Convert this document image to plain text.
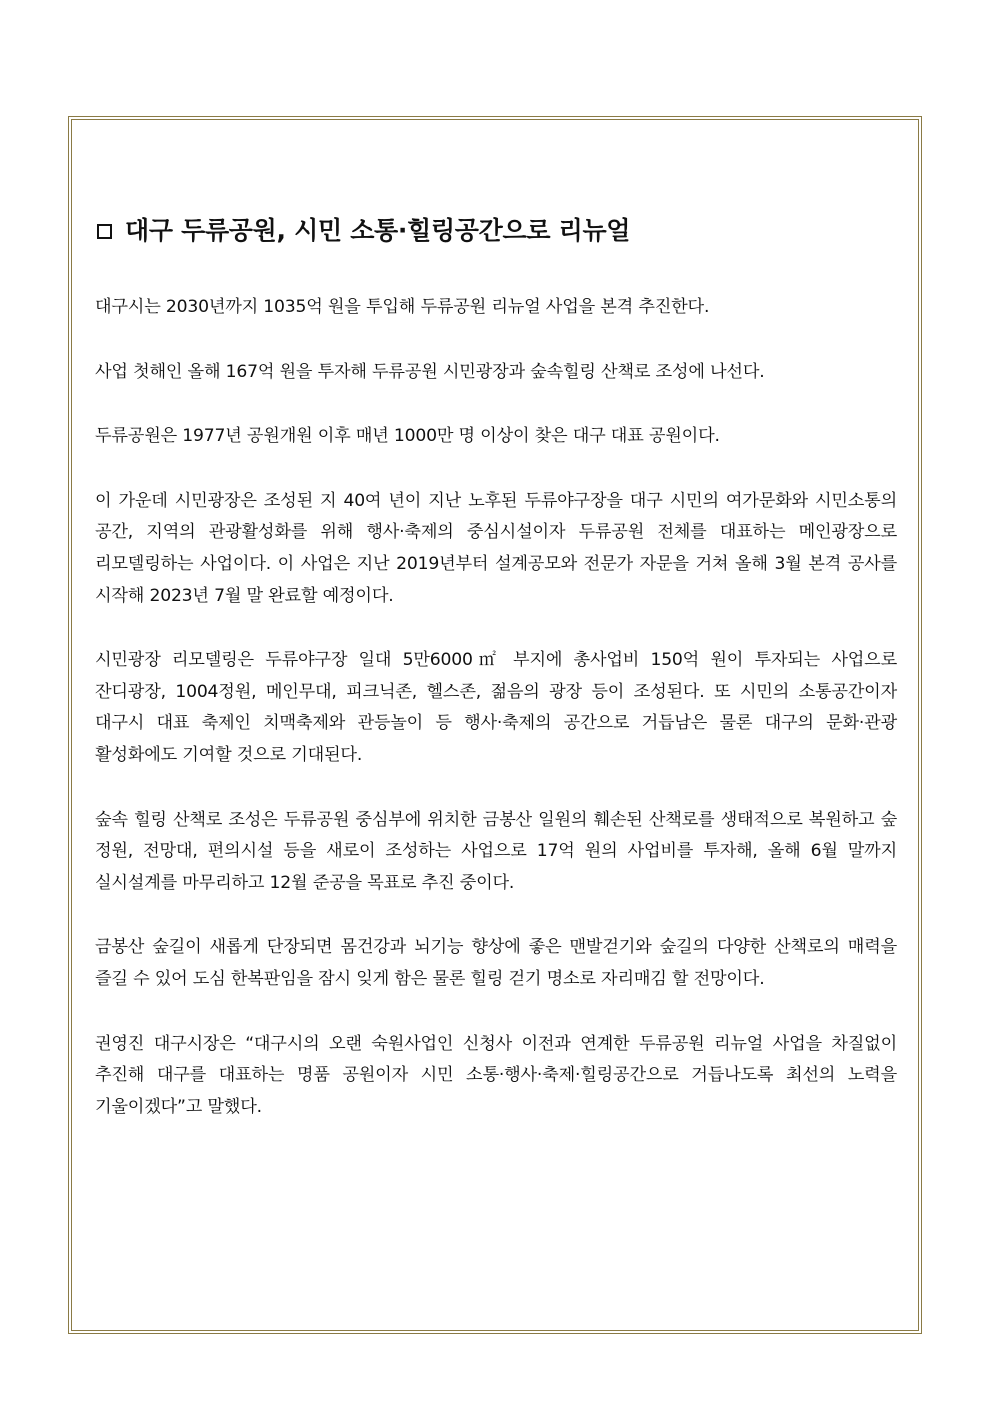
대구 두류공원, 시민 소통·힐링공간으로 리뉴얼

대구시는 2030년까지 1035억 원을 투입해 두류공원 리뉴얼 사업을 본격 추진한다.

사업 첫해인 올해 167억 원을 투자해 두류공원 시민광장과 숲속힐링 산책로 조성에 나선다.

두류공원은 1977년 공원개원 이후 매년 1000만 명 이상이 찾은 대구 대표 공원이다.

이 가운데 시민광장은 조성된 지 40여 년이 지난 노후된 두류야구장을 대구 시민의 여가문화와 시민소통의 공간, 지역의 관광활성화를 위해 행사·축제의 중심시설이자 두류공원 전체를 대표하는 메인광장으로 리모델링하는 사업이다. 이 사업은 지난 2019년부터 설계공모와 전문가 자문을 거쳐 올해 3월 본격 공사를 시작해 2023년 7월 말 완료할 예정이다.

시민광장 리모델링은 두류야구장 일대 5만6000㎡ 부지에 총사업비 150억 원이 투자되는 사업으로 잔디광장, 1004정원, 메인무대, 피크닉존, 헬스존, 젊음의 광장 등이 조성된다. 또 시민의 소통공간이자 대구시 대표 축제인 치맥축제와 관등놀이 등 행사·축제의 공간으로 거듭남은 물론 대구의 문화·관광 활성화에도 기여할 것으로 기대된다.

숲속 힐링 산책로 조성은 두류공원 중심부에 위치한 금봉산 일원의 훼손된 산책로를 생태적으로 복원하고 숲 정원, 전망대, 편의시설 등을 새로이 조성하는 사업으로 17억 원의 사업비를 투자해, 올해 6월 말까지 실시설계를 마무리하고 12월 준공을 목표로 추진 중이다.

금봉산 숲길이 새롭게 단장되면 몸건강과 뇌기능 향상에 좋은 맨발걷기와 숲길의 다양한 산책로의 매력을 즐길 수 있어 도심 한복판임을 잠시 잊게 함은 물론 힐링 걷기 명소로 자리매김 할 전망이다.

권영진 대구시장은 “대구시의 오랜 숙원사업인 신청사 이전과 연계한 두류공원 리뉴얼 사업을 차질없이 추진해 대구를 대표하는 명품 공원이자 시민 소통·행사·축제·힐링공간으로 거듭나도록 최선의 노력을 기울이겠다”고 말했다.
